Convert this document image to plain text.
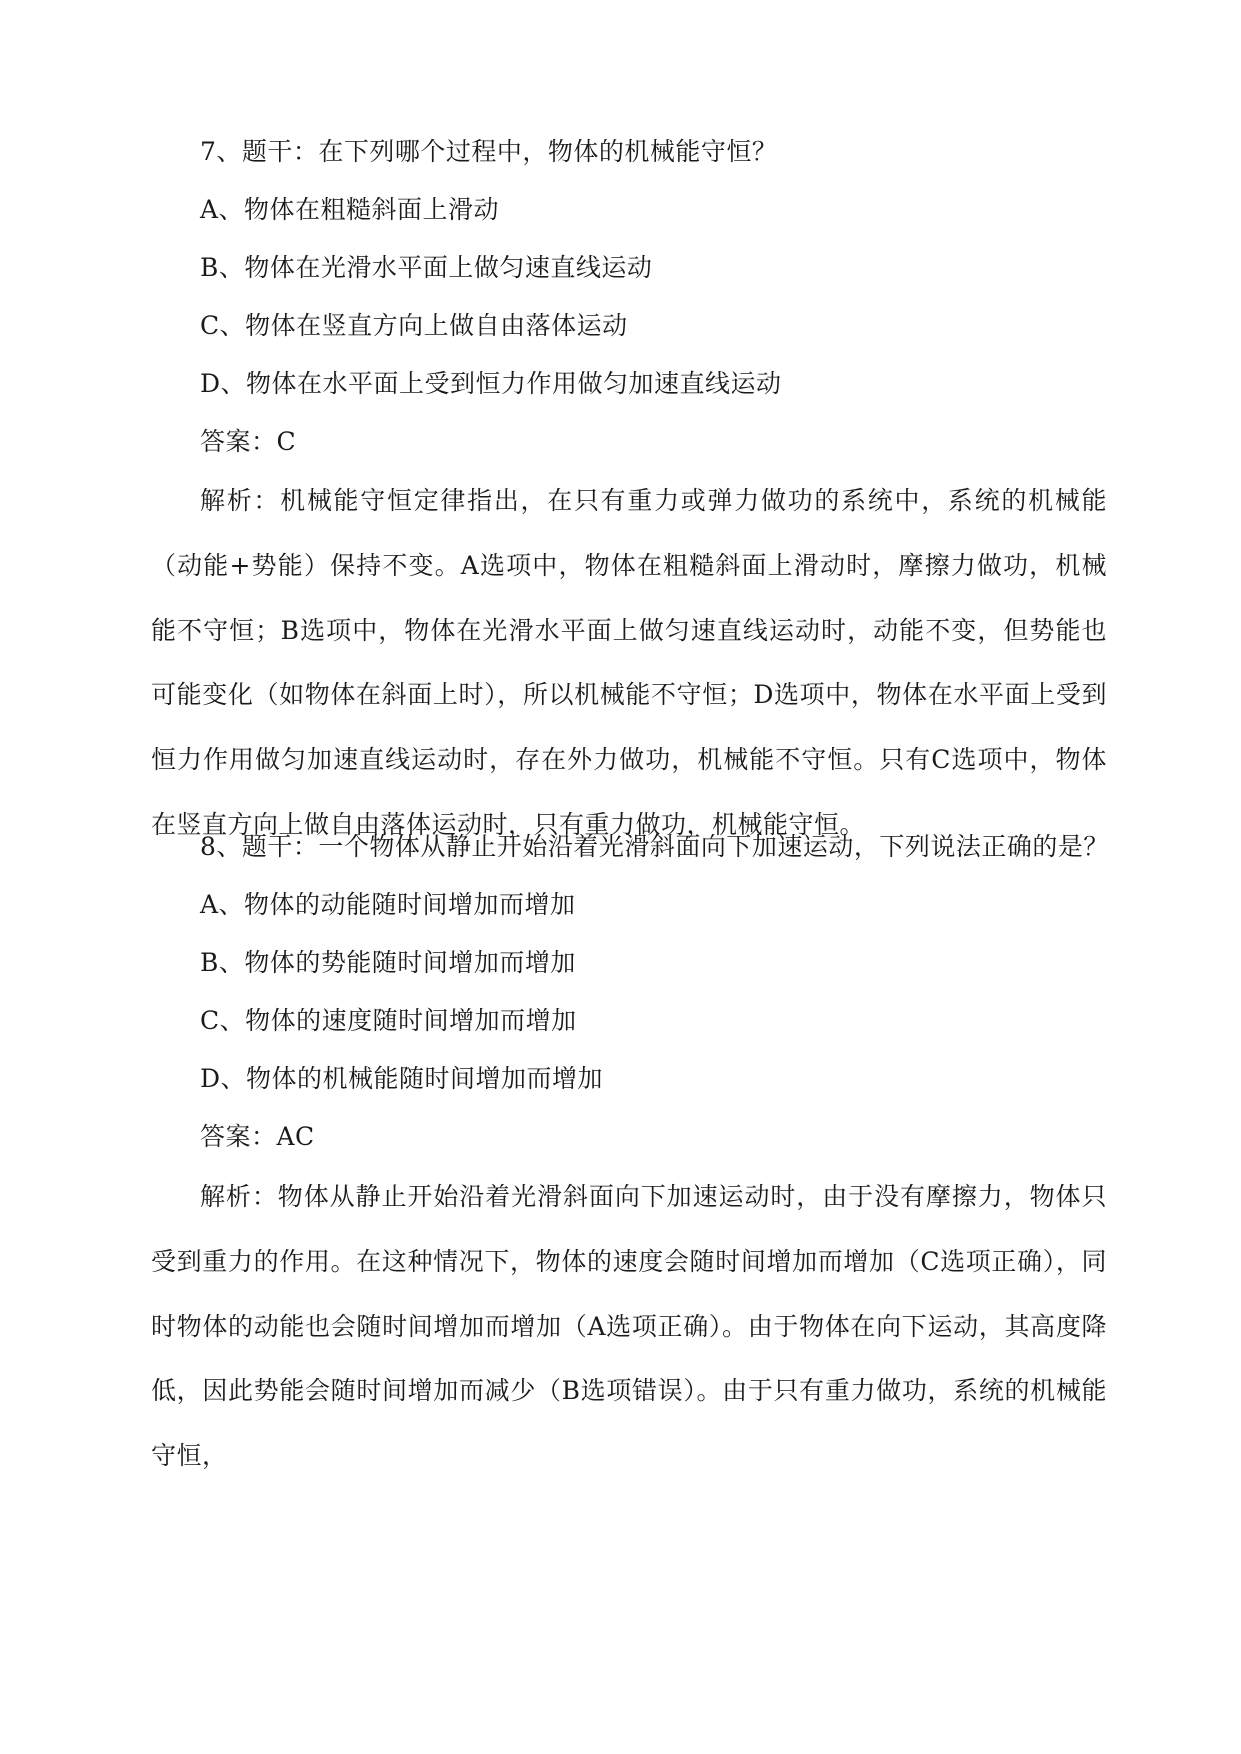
7、题干：在下列哪个过程中，物体的机械能守恒？
A、物体在粗糙斜面上滑动
B、物体在光滑水平面上做匀速直线运动
C、物体在竖直方向上做自由落体运动
D、物体在水平面上受到恒力作用做匀加速直线运动
答案：C
解析：机械能守恒定律指出，在只有重力或弹力做功的系统中，系统的机械能（动能+势能）保持不变。A选项中，物体在粗糙斜面上滑动时，摩擦力做功，机械能不守恒；B选项中，物体在光滑水平面上做匀速直线运动时，动能不变，但势能也可能变化（如物体在斜面上时），所以机械能不守恒；D选项中，物体在水平面上受到恒力作用做匀加速直线运动时，存在外力做功，机械能不守恒。只有C选项中，物体在竖直方向上做自由落体运动时，只有重力做功，机械能守恒。
8、题干：一个物体从静止开始沿着光滑斜面向下加速运动，下列说法正确的是？
A、物体的动能随时间增加而增加
B、物体的势能随时间增加而增加
C、物体的速度随时间增加而增加
D、物体的机械能随时间增加而增加
答案：AC
解析：物体从静止开始沿着光滑斜面向下加速运动时，由于没有摩擦力，物体只受到重力的作用。在这种情况下，物体的速度会随时间增加而增加（C选项正确），同时物体的动能也会随时间增加而增加（A选项正确）。由于物体在向下运动，其高度降低，因此势能会随时间增加而减少（B选项错误）。由于只有重力做功，系统的机械能守恒，
